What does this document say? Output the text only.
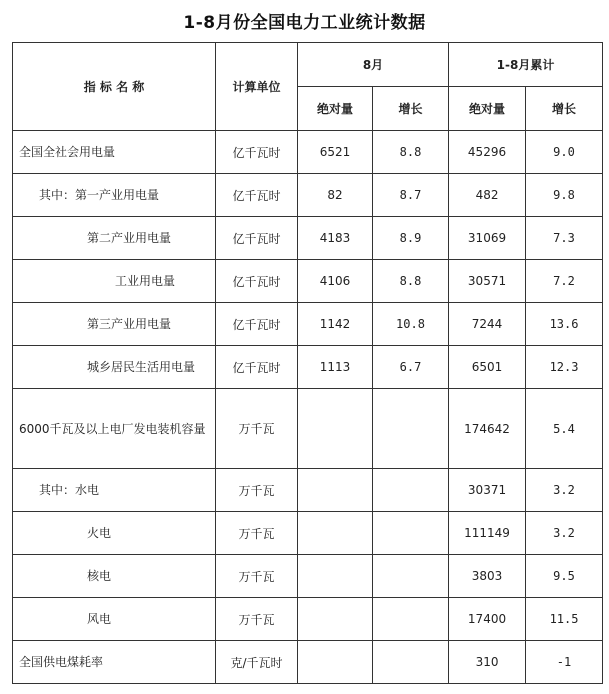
1-8月份全国电力工业统计数据
指 标 名 称	计算单位	8月		1-8月累计	
		绝对量	增长	绝对量	增长
全国全社会用电量	亿千瓦时	6521	8.8	45296	9.0
其中：第一产业用电量	亿千瓦时	82	8.7	482	9.8
第二产业用电量	亿千瓦时	4183	8.9	31069	7.3
工业用电量	亿千瓦时	4106	8.8	30571	7.2
第三产业用电量	亿千瓦时	1142	10.8	7244	13.6
城乡居民生活用电量	亿千瓦时	1113	6.7	6501	12.3
6000千瓦及以上电厂发电装机容量	万千瓦			174642	5.4
其中：水电	万千瓦			30371	3.2
火电	万千瓦			111149	3.2
核电	万千瓦			3803	9.5
风电	万千瓦			17400	11.5
全国供电煤耗率	克/千瓦时			310	-1
